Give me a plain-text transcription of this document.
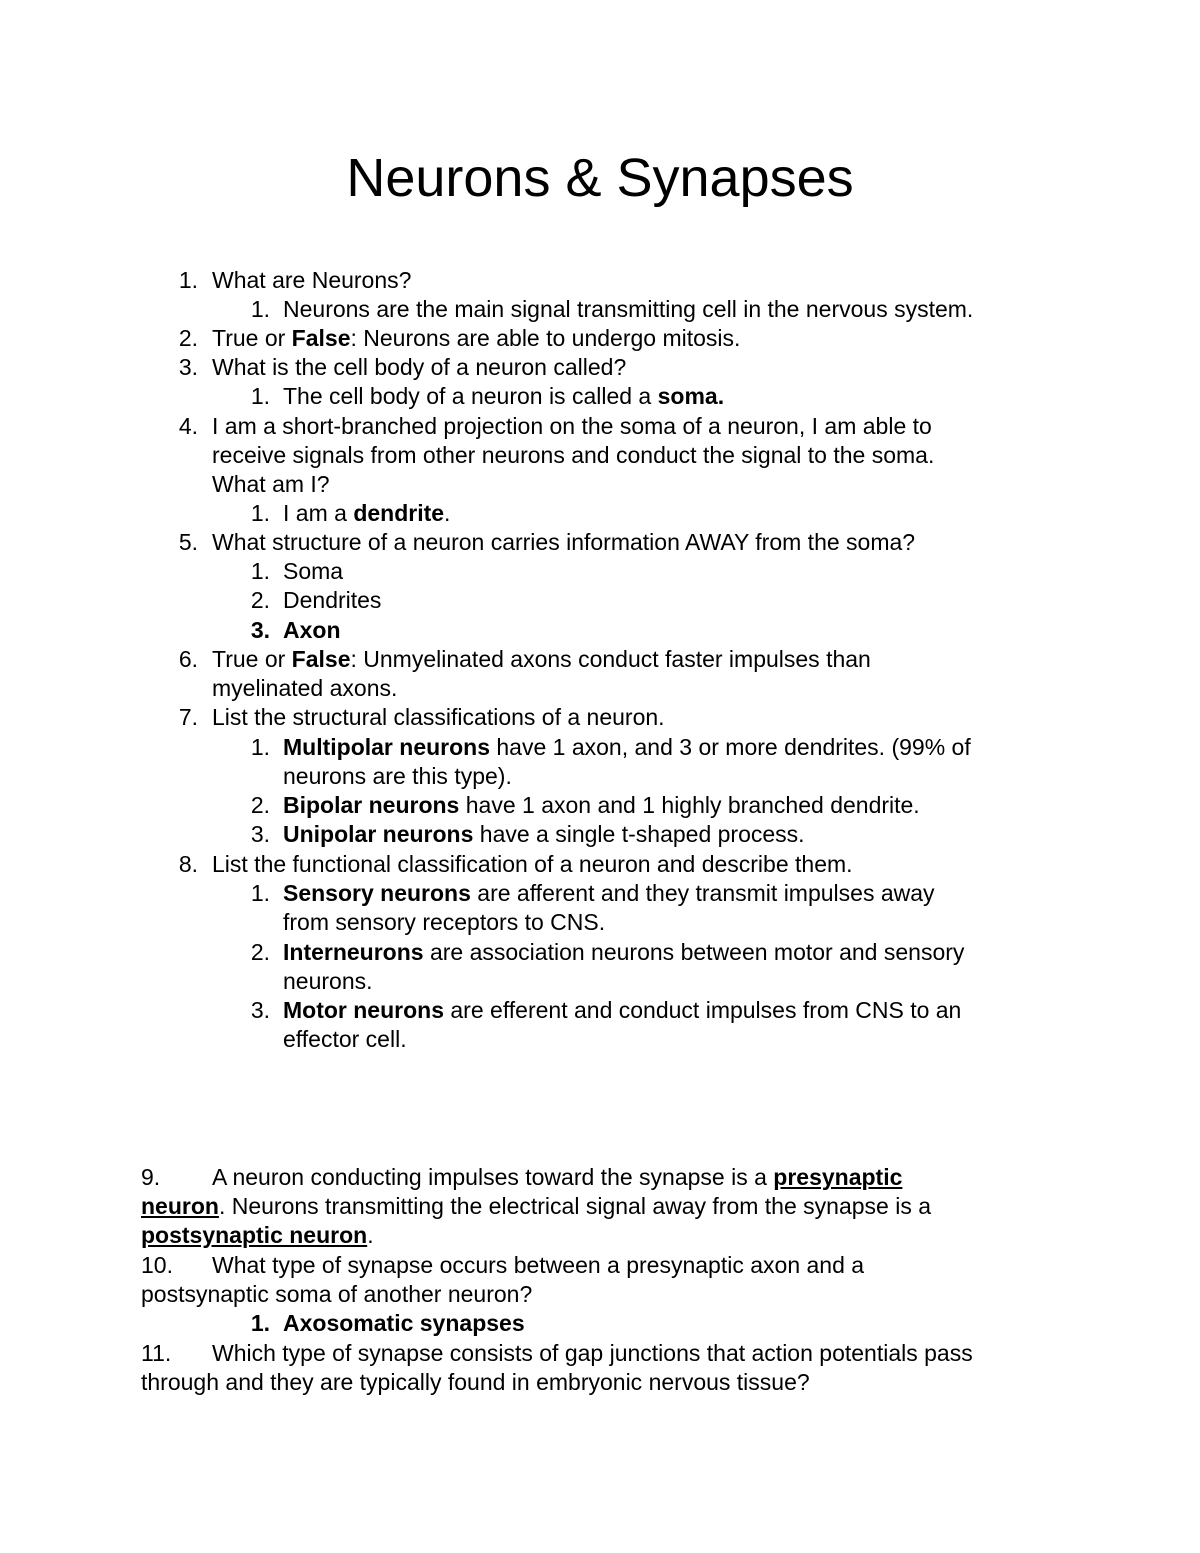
Neurons & Synapses
1. What are Neurons?
1. Neurons are the main signal transmitting cell in the nervous system.
2. True or False: Neurons are able to undergo mitosis.
3. What is the cell body of a neuron called?
1. The cell body of a neuron is called a soma.
4. I am a short-branched projection on the soma of a neuron, I am able to
receive signals from other neurons and conduct the signal to the soma.
What am I?
1. I am a dendrite.
5. What structure of a neuron carries information AWAY from the soma?
1. Soma
2. Dendrites
3. Axon
6. True or False: Unmyelinated axons conduct faster impulses than
myelinated axons.
7. List the structural classifications of a neuron.
1. Multipolar neurons have 1 axon, and 3 or more dendrites. (99% of
neurons are this type).
2. Bipolar neurons have 1 axon and 1 highly branched dendrite.
3. Unipolar neurons have a single t-shaped process.
8. List the functional classification of a neuron and describe them.
1. Sensory neurons are afferent and they transmit impulses away
from sensory receptors to CNS.
2. Interneurons are association neurons between motor and sensory
neurons.
3. Motor neurons are efferent and conduct impulses from CNS to an
effector cell.
9. A neuron conducting impulses toward the synapse is a presynaptic
neuron. Neurons transmitting the electrical signal away from the synapse is a
postsynaptic neuron.
10. What type of synapse occurs between a presynaptic axon and a
postsynaptic soma of another neuron?
1. Axosomatic synapses
11. Which type of synapse consists of gap junctions that action potentials pass
through and they are typically found in embryonic nervous tissue?
